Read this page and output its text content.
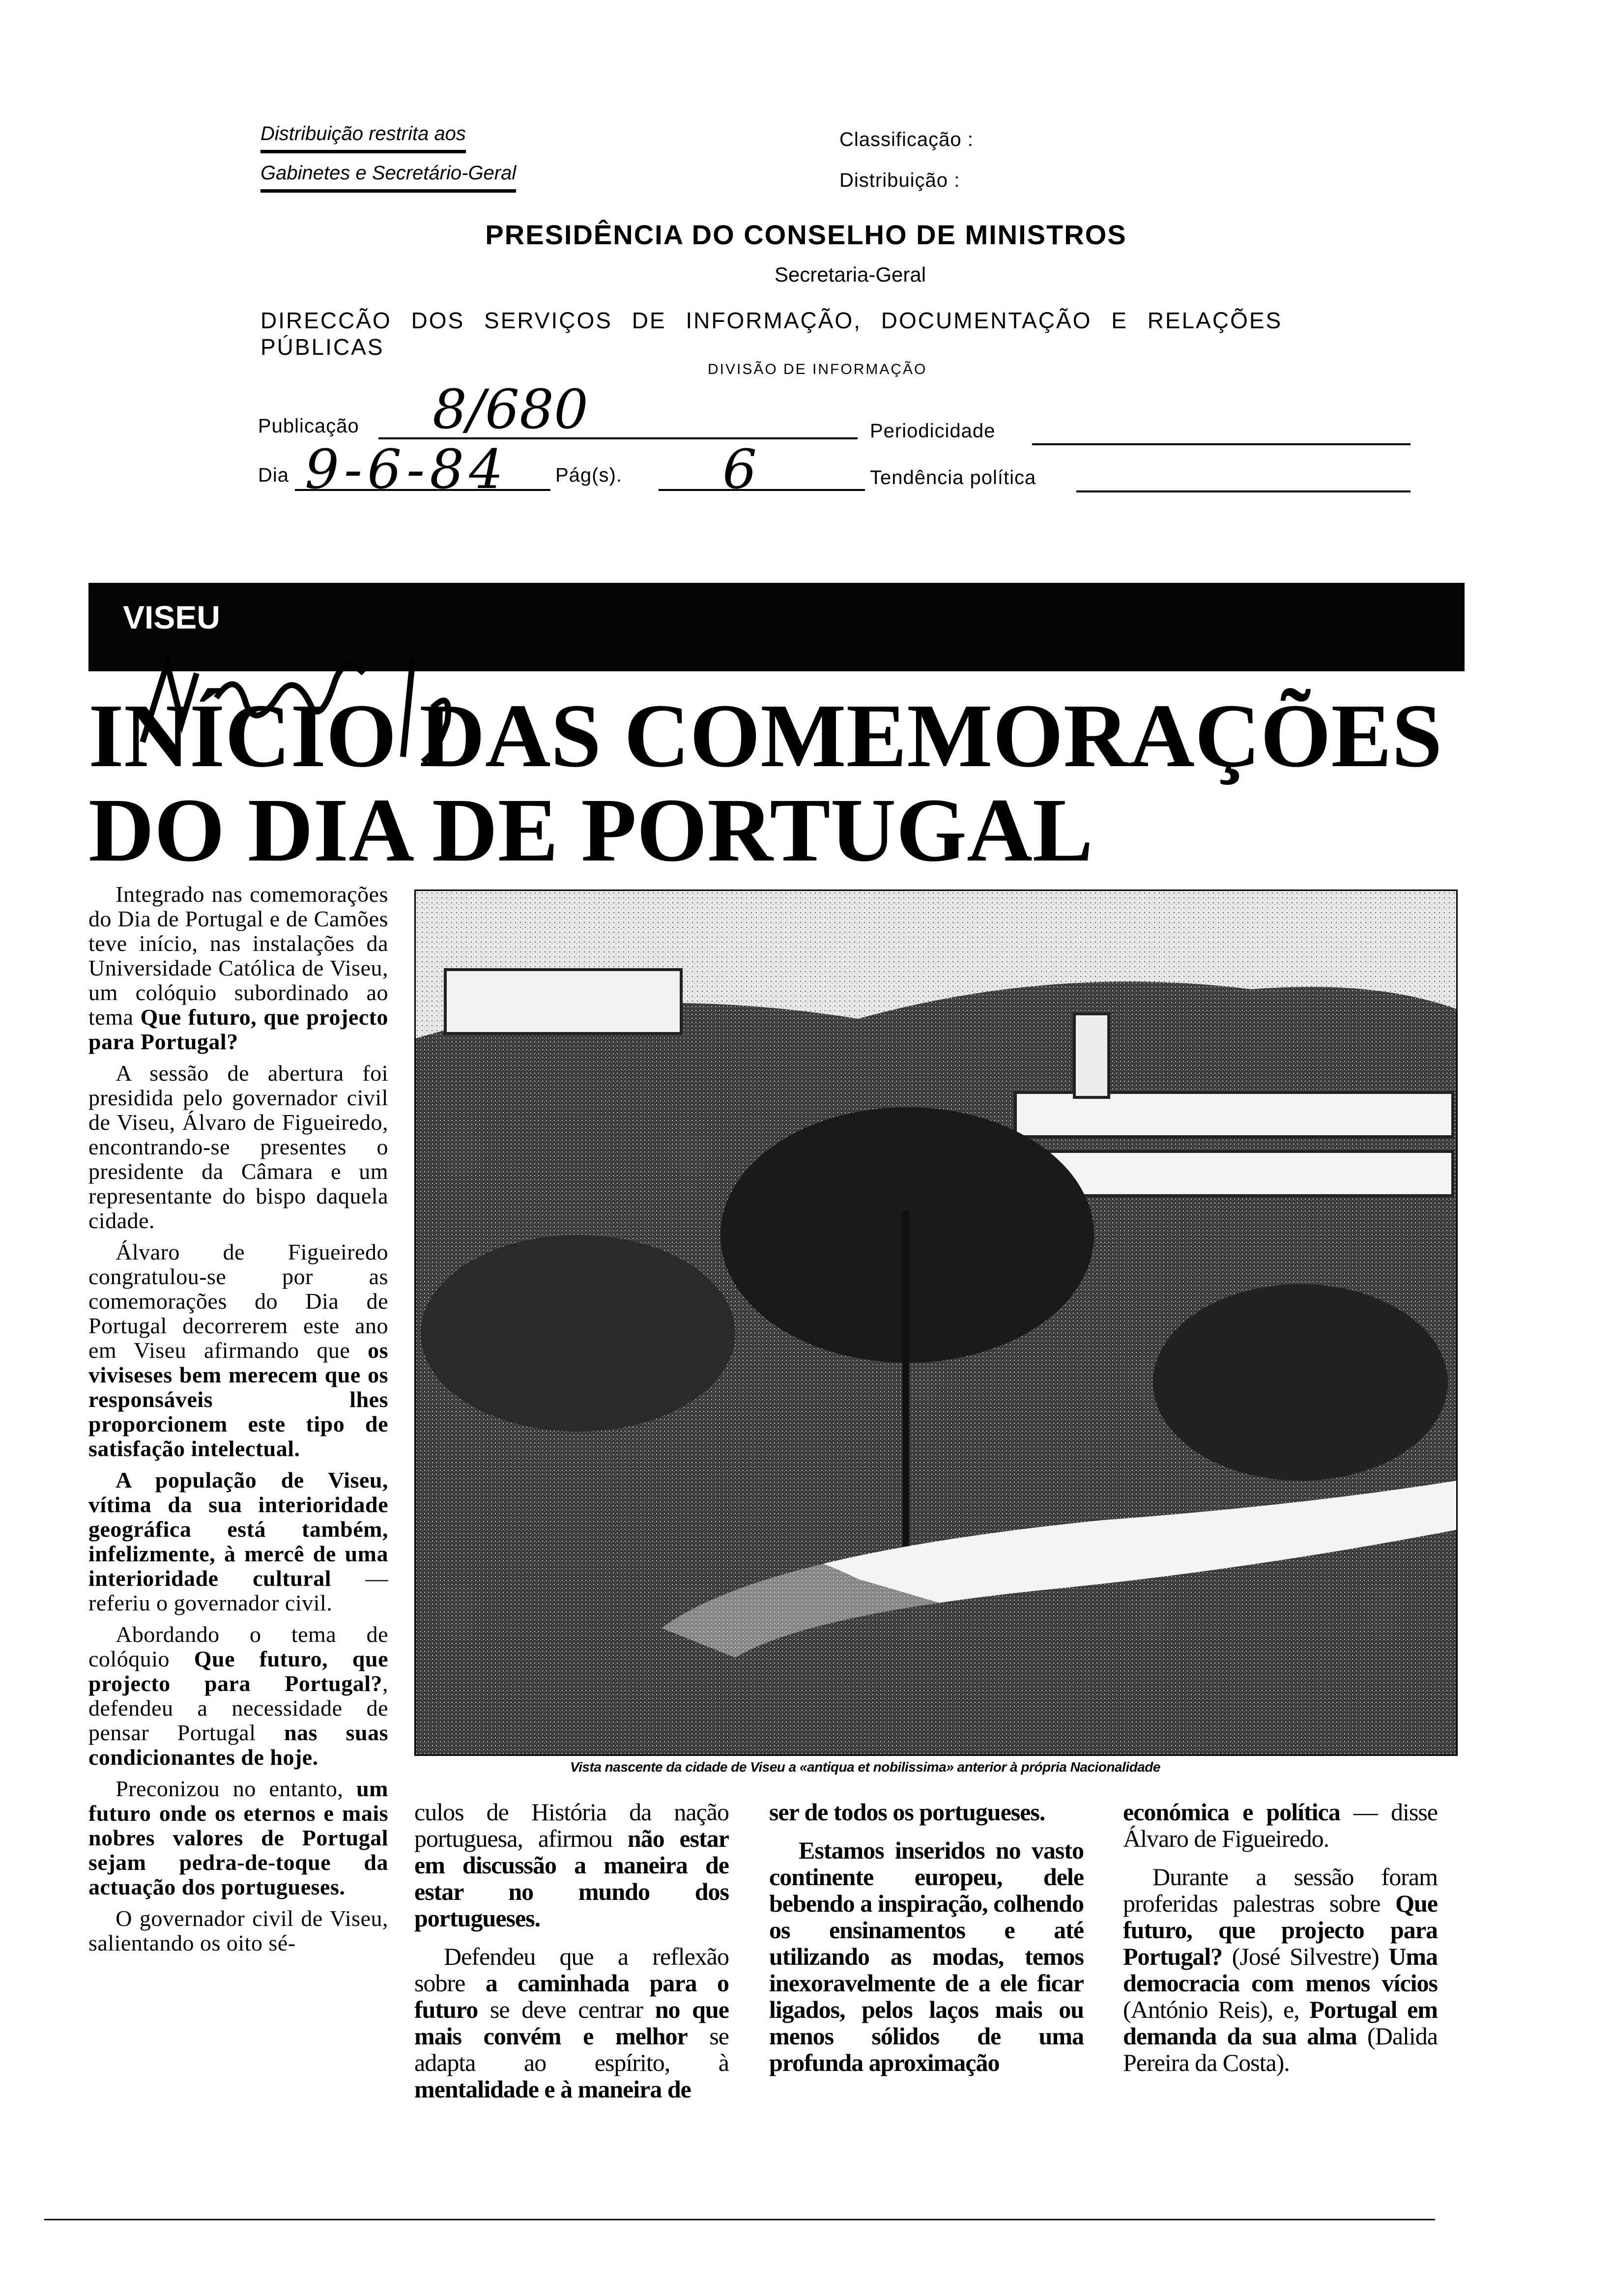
Distribuição restrita aos
Gabinetes e Secretário-Geral
Classificação :
Distribuição :
PRESIDÊNCIA DO CONSELHO DE MINISTROS
Secretaria-Geral
DIRECCÃO DOS SERVIÇOS DE INFORMAÇÃO, DOCUMENTAÇÃO E RELAÇÕES PÚBLICAS
DIVISÃO DE INFORMAÇÃO
Publicação 8/680	Periodicidade
Dia 9-6-84 Pág(s). 6	Tendência política
VISEU
INÍCIO DAS COMEMORAÇÕES
DO DIA DE PORTUGAL

Integrado nas comemorações do Dia de Portugal e de Camões teve início, nas instalações da Universidade Católica de Viseu, um colóquio subordinado ao tema Que futuro, que projecto para Portugal?

A sessão de abertura foi presidida pelo governador civil de Viseu, Álvaro de Figueiredo, encontrando-se presentes o presidente da Câmara e um representante do bispo daquela cidade.

Álvaro de Figueiredo congratulou-se por as comemorações do Dia de Portugal decorrerem este ano em Viseu afirmando que os viviseses bem merecem que os responsáveis lhes proporcionem este tipo de satisfação intelectual.

A população de Viseu, vítima da sua interioridade geográfica está também, infelizmente, à mercê de uma interioridade cultural — referiu o governador civil.

Abordando o tema de colóquio Que futuro, que projecto para Portugal?, defendeu a necessidade de pensar Portugal nas suas condicionantes de hoje.

Preconizou no entanto, um futuro onde os eternos e mais nobres valores de Portugal sejam pedra-de-toque da actuação dos portugueses.

O governador civil de Viseu, salientando os oito sé-

Vista nascente da cidade de Viseu a «antiqua et nobilissima» anterior à própria Nacionalidade

culos de História da nação portuguesa, afirmou não estar em discussão a maneira de estar no mundo dos portugueses.

Defendeu que a reflexão sobre a caminhada para o futuro se deve centrar no que mais convém e melhor se adapta ao espírito, à mentalidade e à maneira de

ser de todos os portugueses.

Estamos inseridos no vasto continente europeu, dele bebendo a inspiração, colhendo os ensinamentos e até utilizando as modas, temos inexoravelmente de a ele ficar ligados, pelos laços mais ou menos sólidos de uma profunda aproximação

económica e política — disse Álvaro de Figueiredo.

Durante a sessão foram proferidas palestras sobre Que futuro, que projecto para Portugal? (José Silvestre) Uma democracia com menos vícios (António Reis), e, Portugal em demanda da sua alma (Dalida Pereira da Costa).
